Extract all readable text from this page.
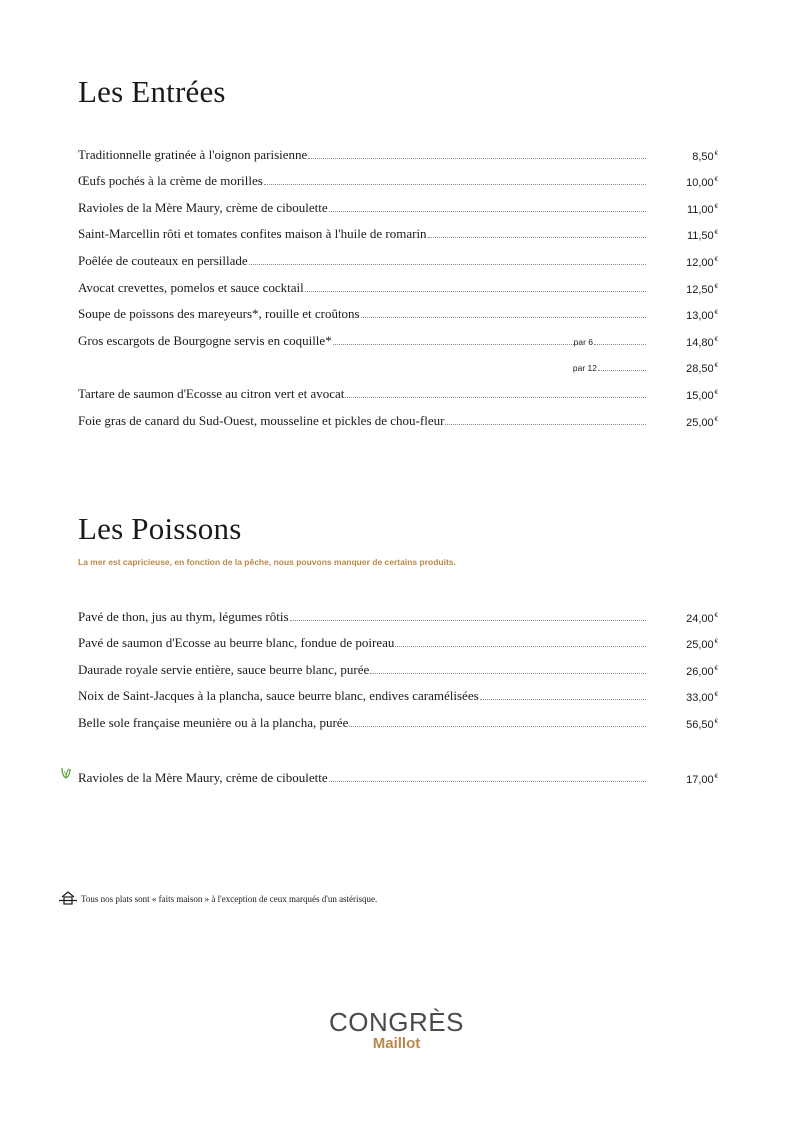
Les Entrées
Traditionnelle gratinée à l'oignon parisienne	8,50€
Œufs pochés à la crème de morilles	10,00€
Ravioles de la Mère Maury, crème de ciboulette	11,00€
Saint-Marcellin rôti et tomates confites maison à l'huile de romarin	11,50€
Poêlée de couteaux en persillade	12,00€
Avocat crevettes, pomelos et sauce cocktail	12,50€
Soupe de poissons des mareyeurs*, rouille et croûtons	13,00€
Gros escargots de Bourgogne servis en coquille*	par 6	14,80€
par 12	28,50€
Tartare de saumon d'Ecosse au citron vert et avocat	15,00€
Foie gras de canard du Sud-Ouest, mousseline et pickles de chou-fleur	25,00€
Les Poissons
La mer est capricieuse, en fonction de la pêche, nous pouvons manquer de certains produits.
Pavé de thon, jus au thym, légumes rôtis	24,00€
Pavé de saumon d'Ecosse au beurre blanc, fondue de poireau	25,00€
Daurade royale servie entière, sauce beurre blanc, purée	26,00€
Noix de Saint-Jacques à la plancha, sauce beurre blanc, endives caramélisées	33,00€
Belle sole française meunière ou à la plancha, purée	56,50€
Ravioles de la Mère Maury, crème de ciboulette	17,00€
Tous nos plats sont « faits maison » à l'exception de ceux marqués d'un astérisque.
CONGRÈS
Maillot
